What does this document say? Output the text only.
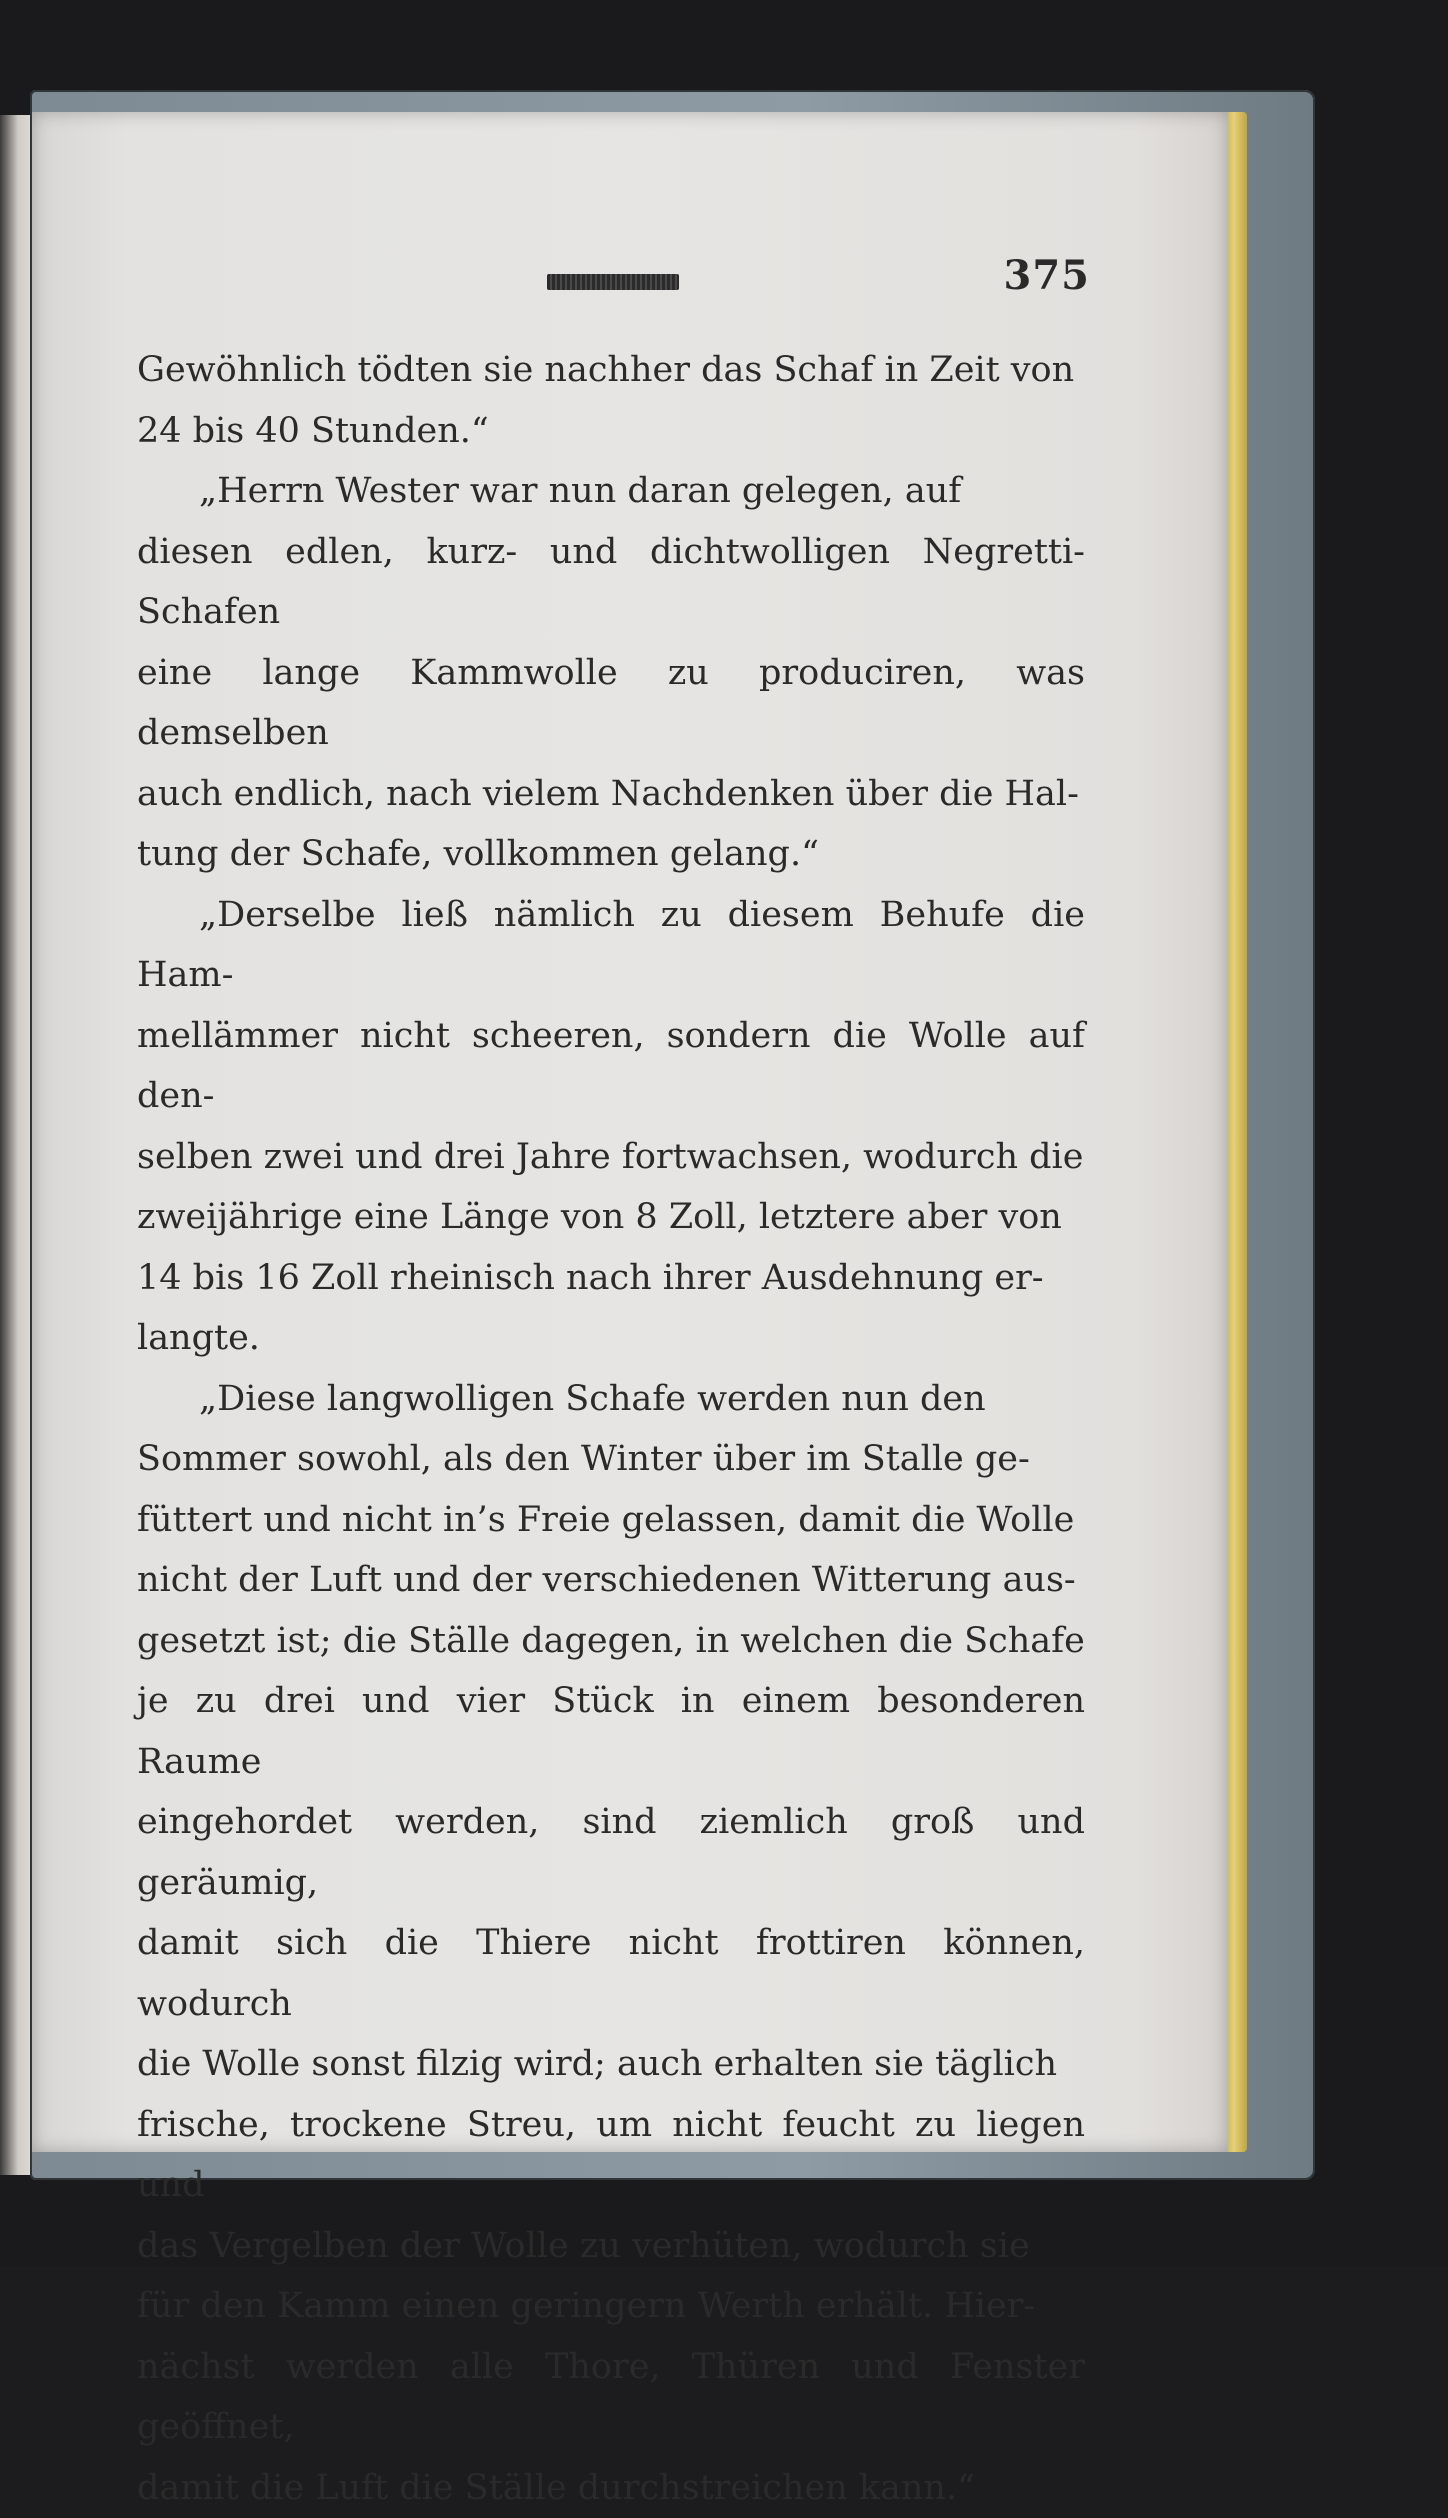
375

Gewöhnlich tödten sie nachher das Schaf in Zeit von
24 bis 40 Stunden.“

„Herrn Wester war nun daran gelegen, auf
diesen edlen, kurz- und dichtwolligen Negretti-Schafen
eine lange Kammwolle zu produciren, was demselben
auch endlich, nach vielem Nachdenken über die Hal-
tung der Schafe, vollkommen gelang.“

„Derselbe ließ nämlich zu diesem Behufe die Ham-
mellämmer nicht scheeren, sondern die Wolle auf den-
selben zwei und drei Jahre fortwachsen, wodurch die
zweijährige eine Länge von 8 Zoll, letztere aber von
14 bis 16 Zoll rheinisch nach ihrer Ausdehnung er-
langte.

„Diese langwolligen Schafe werden nun den
Sommer sowohl, als den Winter über im Stalle ge-
füttert und nicht in’s Freie gelassen, damit die Wolle
nicht der Luft und der verschiedenen Witterung aus-
gesetzt ist; die Ställe dagegen, in welchen die Schafe
je zu drei und vier Stück in einem besonderen Raume
eingehordet werden, sind ziemlich groß und geräumig,
damit sich die Thiere nicht frottiren können, wodurch
die Wolle sonst filzig wird; auch erhalten sie täglich
frische, trockene Streu, um nicht feucht zu liegen und
das Vergelben der Wolle zu verhüten, wodurch sie
für den Kamm einen geringern Werth erhält. Hier-
nächst werden alle Thore, Thüren und Fenster geöffnet,
damit die Luft die Ställe durchstreichen kann.“
